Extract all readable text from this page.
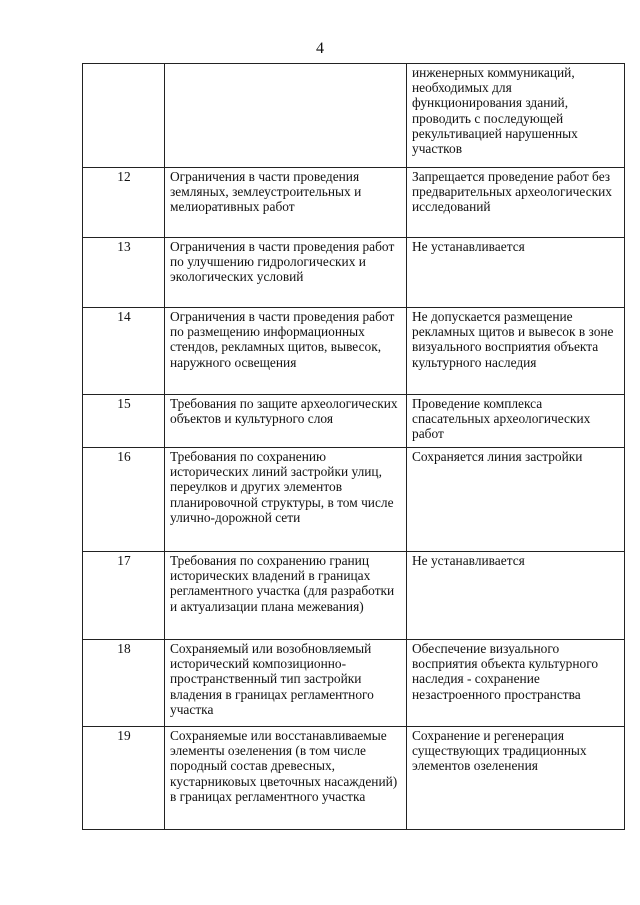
4
		инженерных коммуникаций, необходимых для функционирования зданий, проводить с последующей рекультивацией нарушенных участков
12	Ограничения в части проведения земляных, землеустроительных и мелиоративных работ	Запрещается проведение работ без предварительных археологических исследований
13	Ограничения в части проведения работ по улучшению гидрологических и экологических условий	Не устанавливается
14	Ограничения в части проведения работ по размещению информационных стендов, рекламных щитов, вывесок, наружного освещения	Не допускается размещение рекламных щитов и вывесок в зоне визуального восприятия объекта культурного наследия
15	Требования по защите археологических объектов и культурного слоя	Проведение комплекса спасательных археологических работ
16	Требования по сохранению исторических линий застройки улиц, переулков и других элементов планировочной структуры, в том числе улично-дорожной сети	Сохраняется линия застройки
17	Требования по сохранению границ исторических владений в границах регламентного участка (для разработки и актуализации плана межевания)	Не устанавливается
18	Сохраняемый или возобновляемый исторический композиционно-пространственный тип застройки владения в границах регламентного участка	Обеспечение визуального восприятия объекта культурного наследия - сохранение незастроенного пространства
19	Сохраняемые или восстанавливаемые элементы озеленения (в том числе породный состав древесных, кустарниковых цветочных насаждений) в границах регламентного участка	Сохранение и регенерация существующих традиционных элементов озеленения
